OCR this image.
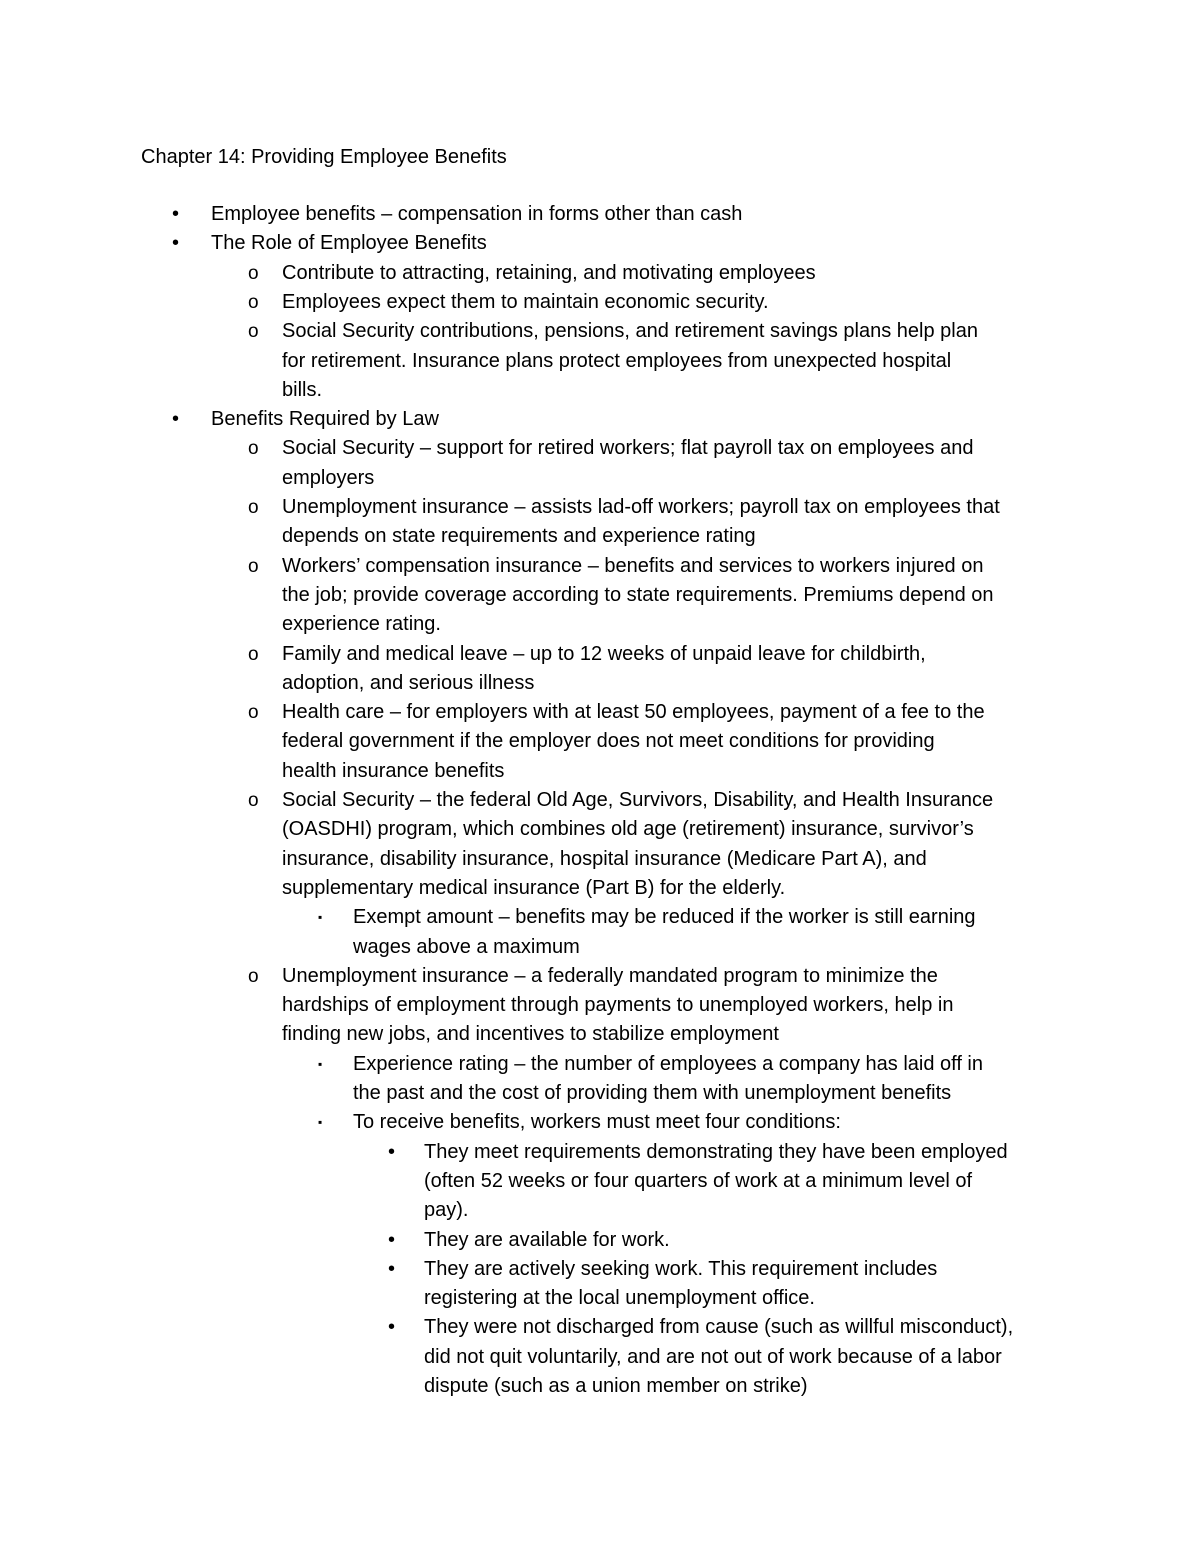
Chapter 14: Providing Employee Benefits
• Employee benefits – compensation in forms other than cash
• The Role of Employee Benefits
o Contribute to attracting, retaining, and motivating employees
o Employees expect them to maintain economic security.
o Social Security contributions, pensions, and retirement savings plans help plan
for retirement. Insurance plans protect employees from unexpected hospital
bills.
• Benefits Required by Law
o Social Security – support for retired workers; flat payroll tax on employees and
employers
o Unemployment insurance – assists lad-off workers; payroll tax on employees that
depends on state requirements and experience rating
o Workers’ compensation insurance – benefits and services to workers injured on
the job; provide coverage according to state requirements. Premiums depend on
experience rating.
o Family and medical leave – up to 12 weeks of unpaid leave for childbirth,
adoption, and serious illness
o Health care – for employers with at least 50 employees, payment of a fee to the
federal government if the employer does not meet conditions for providing
health insurance benefits
o Social Security – the federal Old Age, Survivors, Disability, and Health Insurance
(OASDHI) program, which combines old age (retirement) insurance, survivor’s
insurance, disability insurance, hospital insurance (Medicare Part A), and
supplementary medical insurance (Part B) for the elderly.
▪ Exempt amount – benefits may be reduced if the worker is still earning
wages above a maximum
o Unemployment insurance – a federally mandated program to minimize the
hardships of employment through payments to unemployed workers, help in
finding new jobs, and incentives to stabilize employment
▪ Experience rating – the number of employees a company has laid off in
the past and the cost of providing them with unemployment benefits
▪ To receive benefits, workers must meet four conditions:
• They meet requirements demonstrating they have been employed
(often 52 weeks or four quarters of work at a minimum level of
pay).
• They are available for work.
• They are actively seeking work. This requirement includes
registering at the local unemployment office.
• They were not discharged from cause (such as willful misconduct),
did not quit voluntarily, and are not out of work because of a labor
dispute (such as a union member on strike)
